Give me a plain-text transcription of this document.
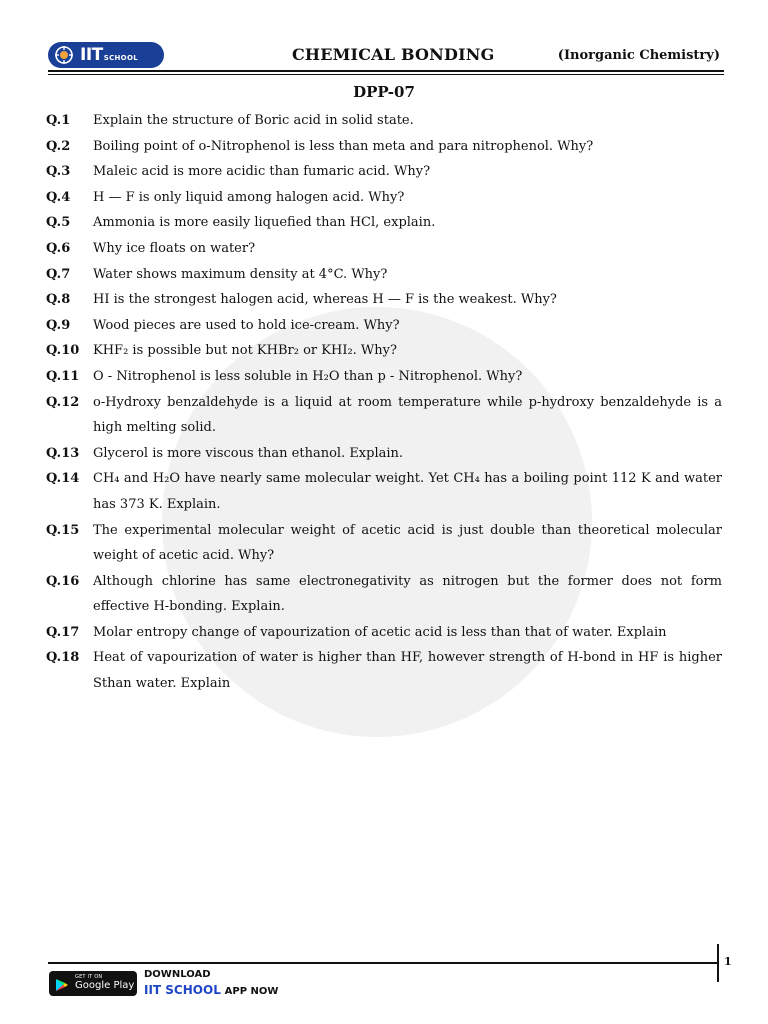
IITSCHOOL	CHEMICAL BONDING	(Inorganic Chemistry)
DPP-07
Q.1	Explain the structure of Boric acid in solid state.
Q.2	Boiling point of o-Nitrophenol is less than meta and para nitrophenol. Why?
Q.3	Maleic acid is more acidic than fumaric acid. Why?
Q.4	H — F is only liquid among halogen acid. Why?
Q.5	Ammonia is more easily liquefied than HCl, explain.
Q.6	Why ice floats on water?
Q.7	Water shows maximum density at 4°C. Why?
Q.8	HI is the strongest halogen acid, whereas H — F is the weakest. Why?
Q.9	Wood pieces are used to hold ice-cream. Why?
Q.10	KHF₂ is possible but not KHBr₂ or KHI₂. Why?
Q.11	O - Nitrophenol is less soluble in H₂O than p - Nitrophenol. Why?
Q.12	o-Hydroxy benzaldehyde is a liquid at room temperature while p-hydroxy benzaldehyde is a high melting solid.
Q.13	Glycerol is more viscous than ethanol. Explain.
Q.14	CH₄ and H₂O have nearly same molecular weight. Yet CH₄ has a boiling point 112 K and water has 373 K. Explain.
Q.15	The experimental molecular weight of acetic acid is just double than theoretical molecular weight of acetic acid. Why?
Q.16	Although chlorine has same electronegativity as nitrogen but the former does not form effective H-bonding. Explain.
Q.17	Molar entropy change of vapourization of acetic acid is less than that of water. Explain
Q.18	Heat of vapourization of water is higher than HF, however strength of H-bond in HF is higher Sthan water. Explain
1
GET IT ON
Google Play
DOWNLOAD
IIT SCHOOL APP NOW
